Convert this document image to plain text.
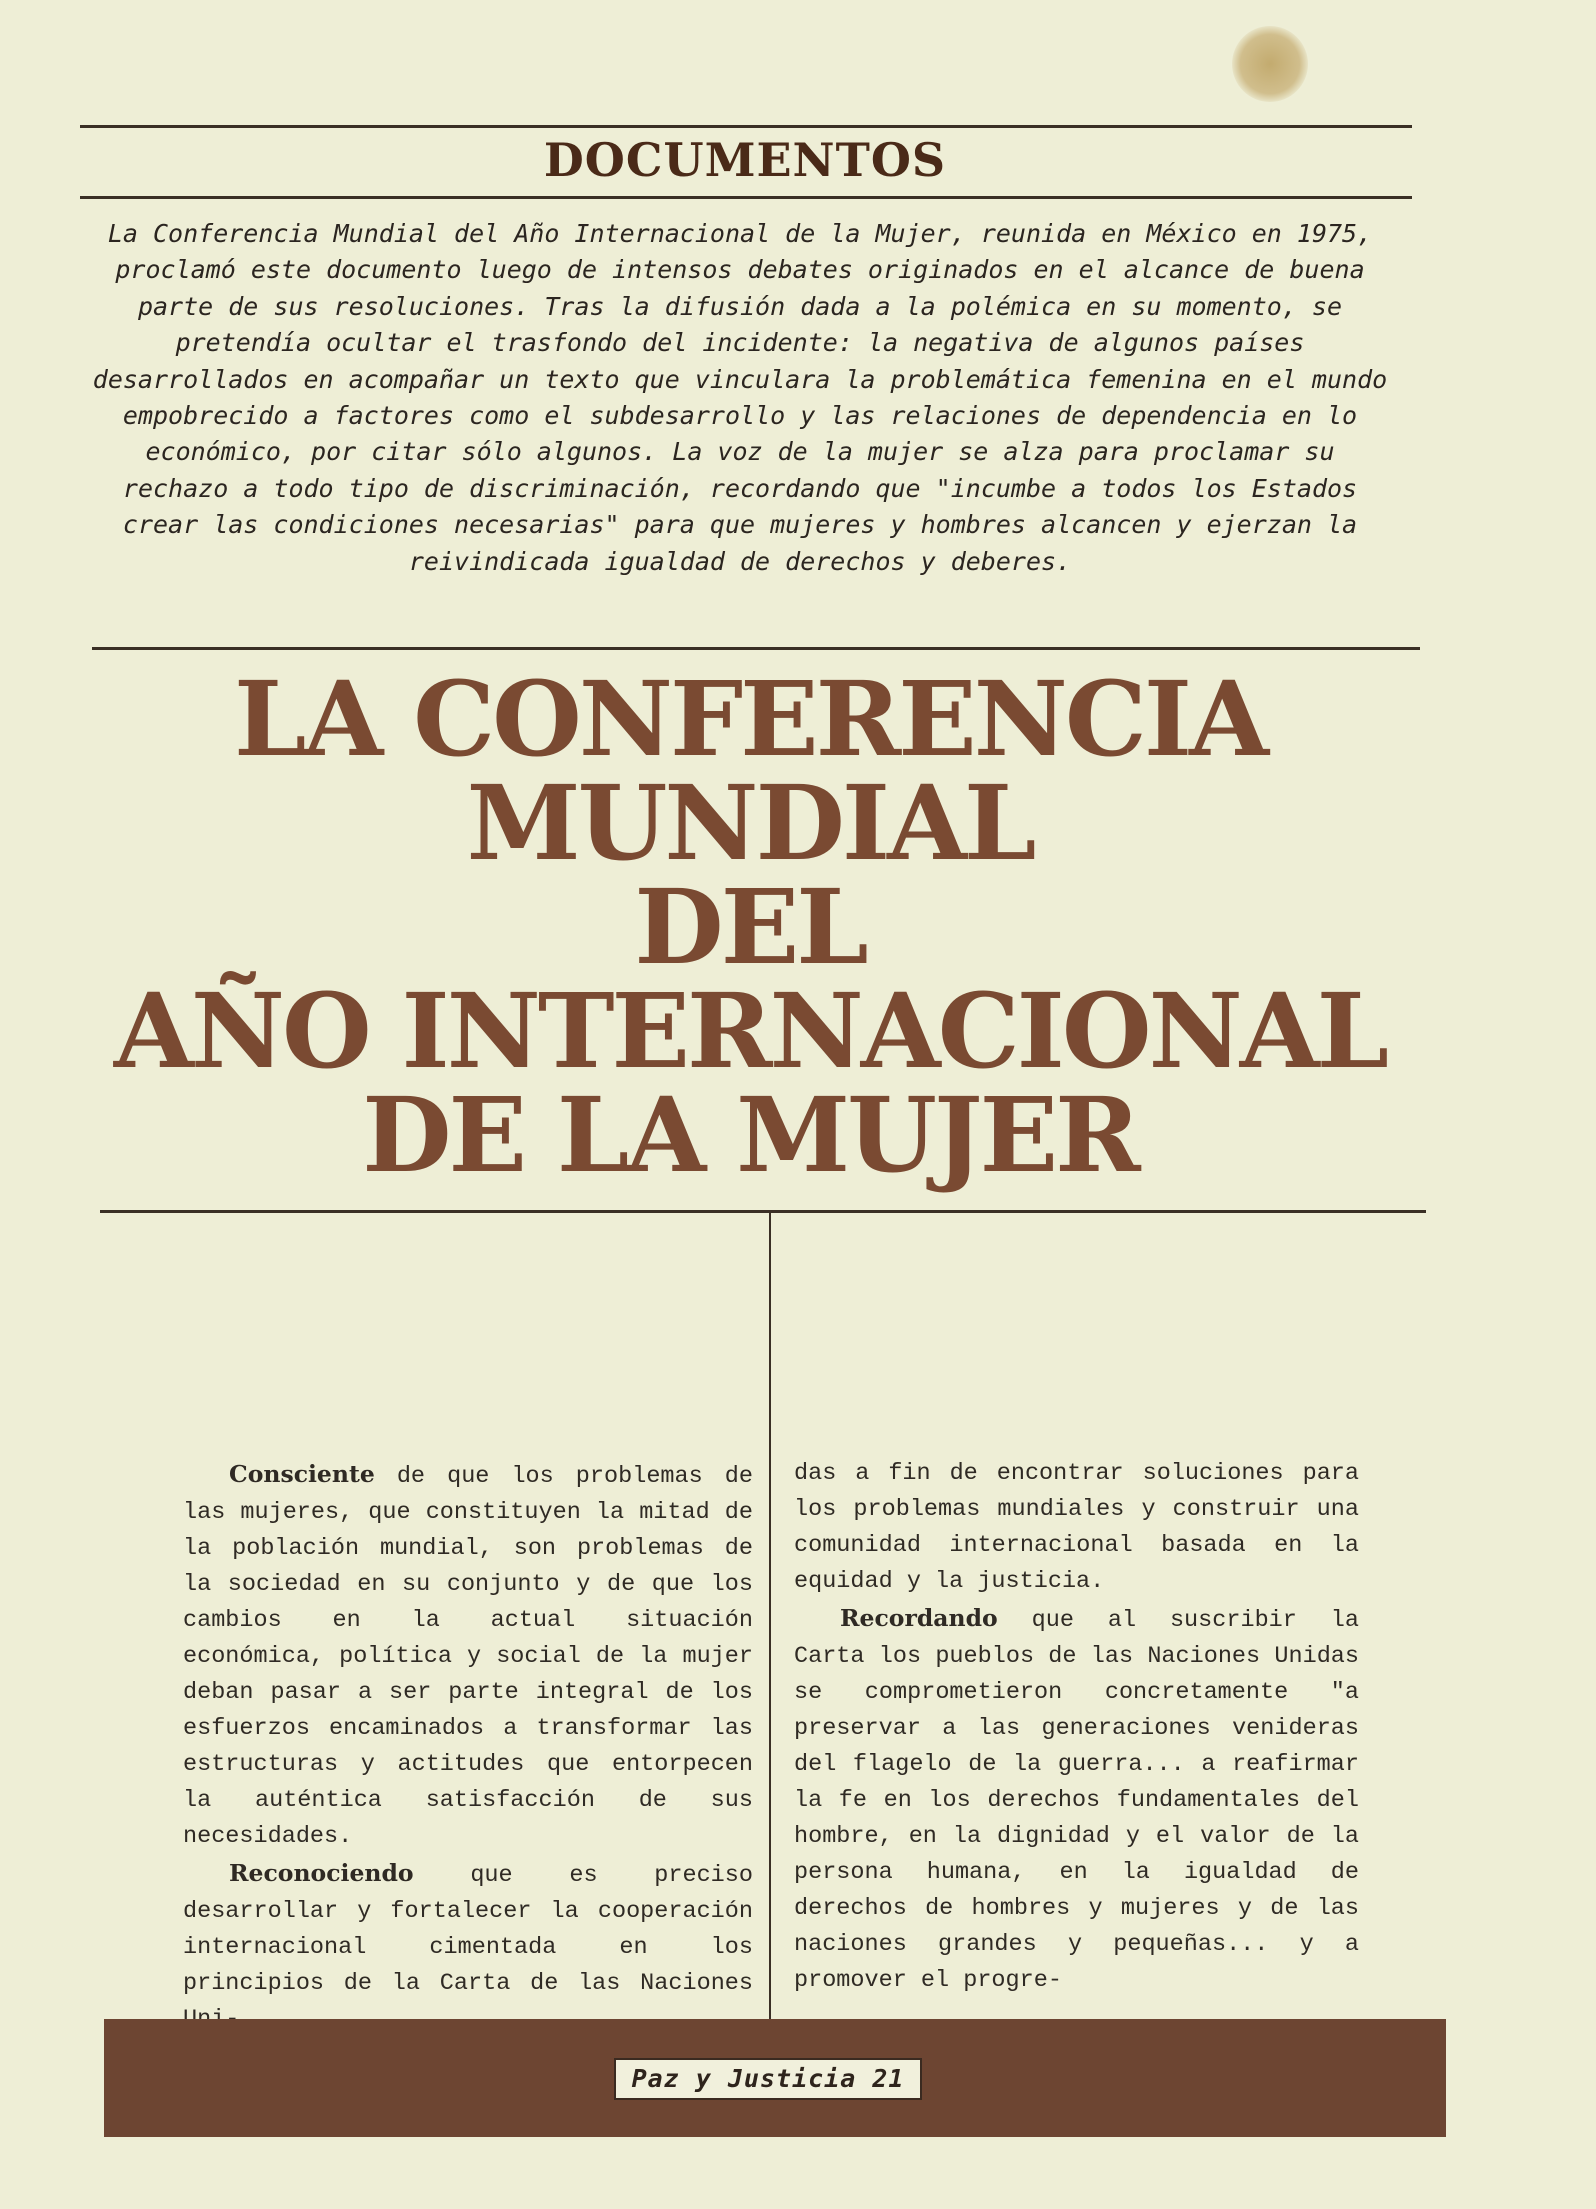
DOCUMENTOS
La Conferencia Mundial del Año Internacional de la Mujer, reunida en México en 1975, proclamó este documento luego de intensos debates originados en el alcance de buena parte de sus resoluciones. Tras la difusión dada a la polémica en su momento, se pretendía ocultar el trasfondo del incidente: la negativa de algunos países desarrollados en acompañar un texto que vinculara la problemática femenina en el mundo empobrecido a factores como el subdesarrollo y las relaciones de dependencia en lo económico, por citar sólo algunos. La voz de la mujer se alza para proclamar su rechazo a todo tipo de discriminación, recordando que "incumbe a todos los Estados crear las condiciones necesarias" para que mujeres y hombres alcancen y ejerzan la reivindicada igualdad de derechos y deberes.
LA CONFERENCIA
MUNDIAL
DEL
AÑO INTERNACIONAL
DE LA MUJER

Consciente de que los problemas de las mujeres, que constituyen la mitad de la población mundial, son problemas de la sociedad en su conjunto y de que los cambios en la actual situación económica, política y social de la mujer deban pasar a ser parte integral de los esfuerzos encaminados a transformar las estructuras y actitudes que entorpecen la auténtica satisfacción de sus necesidades.

Reconociendo que es preciso desarrollar y fortalecer la cooperación internacional cimentada en los principios de la Carta de las Naciones

das a fin de encontrar soluciones para los problemas mundiales y construir una comunidad internacional basada en la equidad y la justicia.

Recordando que al suscribir la Carta los pueblos de las Naciones Unidas se comprometieron concretamente "a preservar a las generaciones venideras del flagelo de la guerra... a reafirmar la fe en los derechos fundamentales del hombre, en la dignidad y el valor de la persona humana, en la igualdad de derechos de hombres y mujeres y de las naciones grandes y pequeñas... y a promover el progre-

Paz y Justicia 21
